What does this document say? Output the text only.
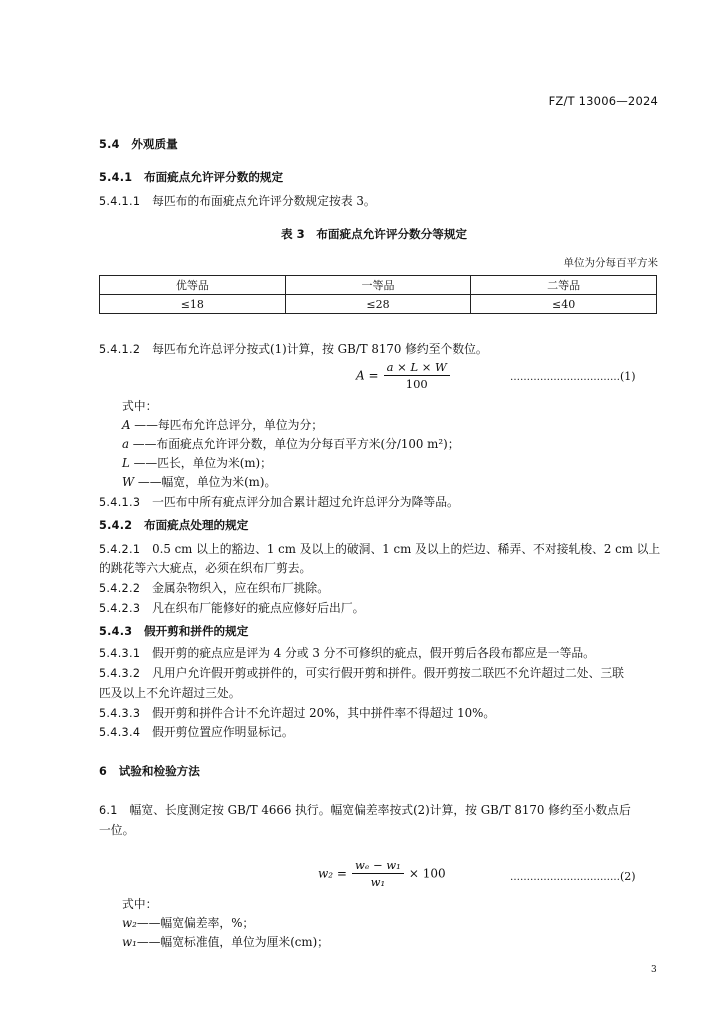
FZ/T 13006—2024
5.4　 外观质量
5.4.1　 布面疵点允许评分数的规定
5.4.1.1　 每匹布的布面疵点允许评分数规定按表 3。
表 3　布面疵点允许评分数分等规定
单位为分每百平方米
优等品	一等品	二等品
≤18	≤28	≤40
5.4.1.2　 每匹布允许总评分按式(1)计算，按 GB/T 8170 修约至个数位。
$A = \frac{a \times L \times W}{100}$	……………………………(1)
式中：
A ——每匹布允许总评分，单位为分；
a ——布面疵点允许评分数，单位为分每百平方米(分/100 m²)；
L ——匹长，单位为米(m)；
W ——幅宽，单位为米(m)。
5.4.1.3　 一匹布中所有疵点评分加合累计超过允许总评分为降等品。
5.4.2　 布面疵点处理的规定
5.4.2.1　 0.5 cm 以上的豁边、1 cm 及以上的破洞、1 cm 及以上的烂边、稀弄、不对接轧梭、2 cm 以上
的跳花等六大疵点，必须在织布厂剪去。
5.4.2.2　 金属杂物织入，应在织布厂挑除。
5.4.2.3　 凡在织布厂能修好的疵点应修好后出厂。
5.4.3　 假开剪和拼件的规定
5.4.3.1　 假开剪的疵点应是评为 4 分或 3 分不可修织的疵点，假开剪后各段布都应是一等品。
5.4.3.2　 凡用户允许假开剪或拼件的，可实行假开剪和拼件。假开剪按二联匹不允许超过二处、三联
匹及以上不允许超过三处。
5.4.3.3　 假开剪和拼件合计不允许超过 20%，其中拼件率不得超过 10%。
5.4.3.4　 假开剪位置应作明显标记。
6　 试验和检验方法
6.1　 幅宽、长度测定按 GB/T 4666 执行。幅宽偏差率按式(2)计算，按 GB/T 8170 修约至小数点后
一位。
$w_2 = \frac{\text{wₑ − w₁}}{\text{w₁}} \times 100$	……………………………(2)
式中：
w₂——幅宽偏差率，%；
w₁——幅宽标准值，单位为厘米(cm)；
3
